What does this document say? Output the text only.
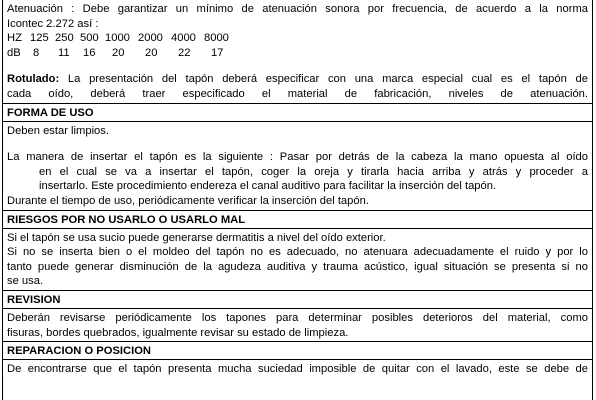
Atenuación : Debe garantizar un mínimo de atenuación sonora por frecuencia, de acuerdo a la norma
Icontec 2.272 así :
HZ 125 250 500 1000 2000 4000 8000
dB 8 11 16 20 20 22 17
Rotulado: La presentación del tapón deberá especificar con una marca especial cual es el tapón de
cada oído, deberá traer especificado el material de fabricación, niveles de atenuación.
FORMA DE USO
Deben estar limpios.
La manera de insertar el tapón es la siguiente : Pasar por detrás de la cabeza la mano opuesta al oído
en el cual se va a insertar el tapón, coger la oreja y tirarla hacia arriba y atrás y proceder a
insertarlo. Este procedimiento endereza el canal auditivo para facilitar la inserción del tapón.
Durante el tiempo de uso, periódicamente verificar la inserción del tapón.
RIESGOS POR NO USARLO O USARLO MAL
Si el tapón se usa sucio puede generarse dermatitis a nivel del oído exterior.
Si no se inserta bien o el moldeo del tapón no es adecuado, no atenuara adecuadamente el ruido y por lo
tanto puede generar disminución de la agudeza auditiva y trauma acústico, igual situación se presenta si no
se usa.
REVISION
Deberán revisarse periódicamente los tapones para determinar posibles deterioros del material, como
fisuras, bordes quebrados, igualmente revisar su estado de limpieza.
REPARACION O POSICION
De encontrarse que el tapón presenta mucha suciedad imposible de quitar con el lavado, este se debe de
